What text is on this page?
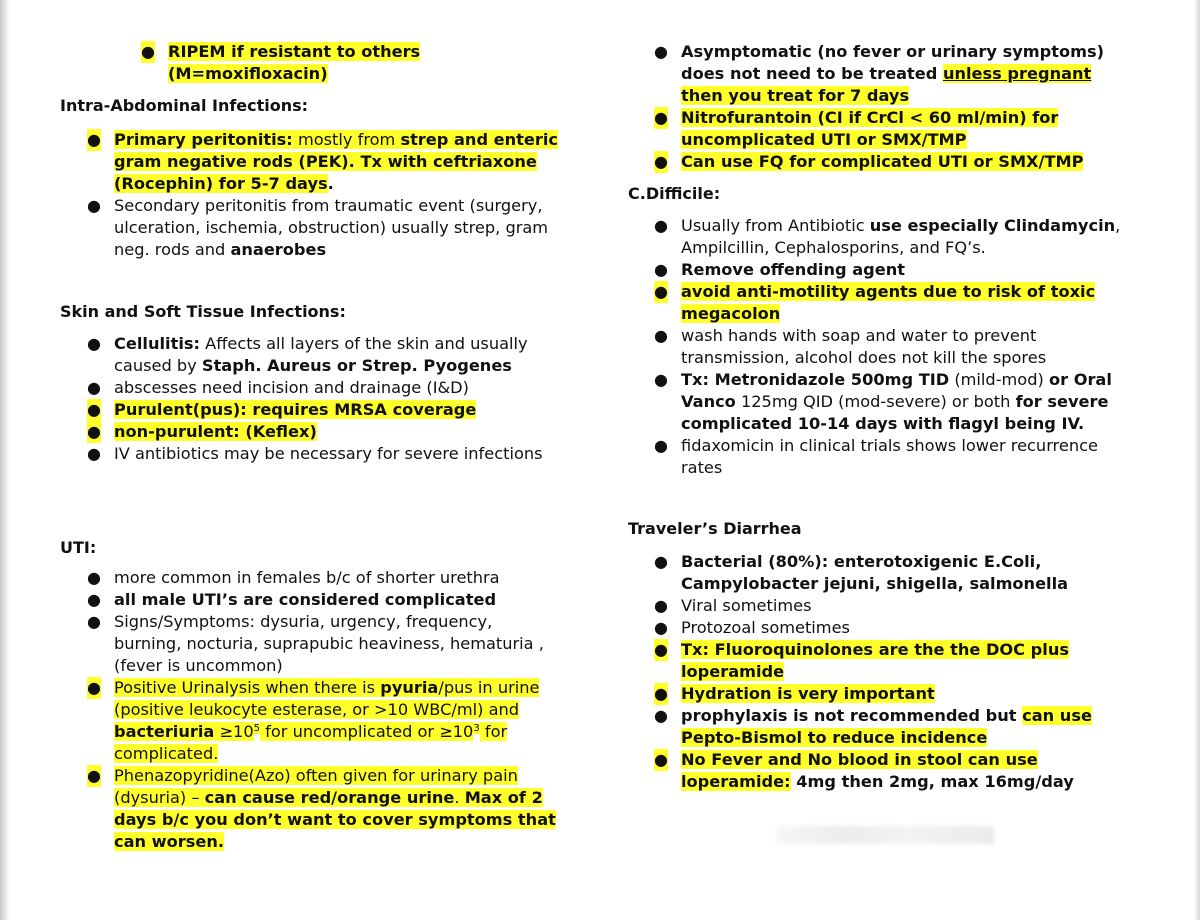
● RIPEM if resistant to others
(M=moxifloxacin)
Intra-Abdominal Infections:
● Primary peritonitis: mostly from strep and enteric
gram negative rods (PEK). Tx with ceftriaxone
(Rocephin) for 5-7 days.
● Secondary peritonitis from traumatic event (surgery,
ulceration, ischemia, obstruction) usually strep, gram
neg. rods and anaerobes
Skin and Soft Tissue Infections:
● Cellulitis: Affects all layers of the skin and usually
caused by Staph. Aureus or Strep. Pyogenes
● abscesses need incision and drainage (I&D)
● Purulent(pus): requires MRSA coverage
● non-purulent: (Keflex)
● IV antibiotics may be necessary for severe infections
UTI:
● more common in females b/c of shorter urethra
● all male UTI’s are considered complicated
● Signs/Symptoms: dysuria, urgency, frequency,
burning, nocturia, suprapubic heaviness, hematuria ,
(fever is uncommon)
● Positive Urinalysis when there is pyuria/pus in urine
(positive leukocyte esterase, or >10 WBC/ml) and
bacteriuria $\ge 10^5$ for uncomplicated or $\ge 10^3$ for
complicated.
● Phenazopyridine(Azo) often given for urinary pain
(dysuria) – can cause red/orange urine. Max of 2
days b/c you don’t want to cover symptoms that
can worsen.
● Asymptomatic (no fever or urinary symptoms)
does not need to be treated unless pregnant
then you treat for 7 days
● Nitrofurantoin (CI if CrCl < 60 ml/min) for
uncomplicated UTI or SMX/TMP
● Can use FQ for complicated UTI or SMX/TMP
C.Difficile:
● Usually from Antibiotic use especially Clindamycin,
Ampilcillin, Cephalosporins, and FQ’s.
● Remove offending agent
● avoid anti-motility agents due to risk of toxic
megacolon
● wash hands with soap and water to prevent
transmission, alcohol does not kill the spores
● Tx: Metronidazole 500mg TID (mild-mod) or Oral
Vanco 125mg QID (mod-severe) or both for severe
complicated 10-14 days with flagyl being IV.
● fidaxomicin in clinical trials shows lower recurrence
rates
Traveler’s Diarrhea
● Bacterial (80%): enterotoxigenic E.Coli,
Campylobacter jejuni, shigella, salmonella
● Viral sometimes
● Protozoal sometimes
● Tx: Fluoroquinolones are the the DOC plus
loperamide
● Hydration is very important
● prophylaxis is not recommended but can use
Pepto-Bismol to reduce incidence
● No Fever and No blood in stool can use
loperamide: 4mg then 2mg, max 16mg/day
